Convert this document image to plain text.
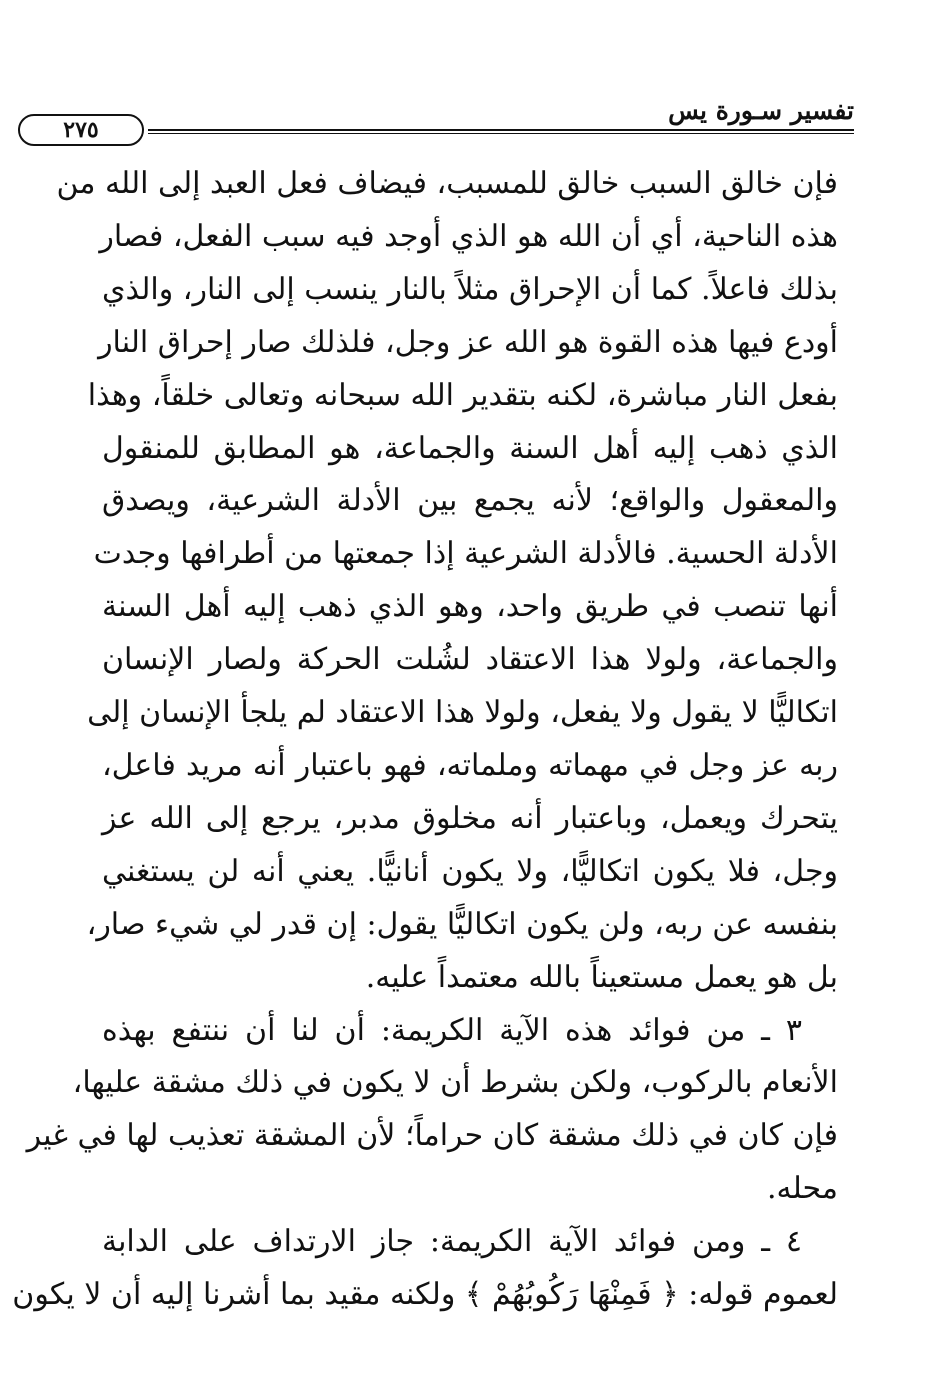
تفسير سـورة يس
٢٧٥
فإن خالق السبب خالق للمسبب، فيضاف فعل العبد إلى الله من
هذه الناحية، أي أن الله هو الذي أوجد فيه سبب الفعل، فصار
بذلك فاعلاً. كما أن الإحراق مثلاً بالنار ينسب إلى النار، والذي
أودع فيها هذه القوة هو الله عز وجل، فلذلك صار إحراق النار
بفعل النار مباشرة، لكنه بتقدير الله سبحانه وتعالى خلقاً، وهذا
الذي ذهب إليه أهل السنة والجماعة، هو المطابق للمنقول
والمعقول والواقع؛ لأنه يجمع بين الأدلة الشرعية، ويصدق
الأدلة الحسية. فالأدلة الشرعية إذا جمعتها من أطرافها وجدت
أنها تنصب في طريق واحد، وهو الذي ذهب إليه أهل السنة
والجماعة، ولولا هذا الاعتقاد لشُلت الحركة ولصار الإنسان
اتكاليًّا لا يقول ولا يفعل، ولولا هذا الاعتقاد لم يلجأ الإنسان إلى
ربه عز وجل في مهماته وملماته، فهو باعتبار أنه مريد فاعل،
يتحرك ويعمل، وباعتبار أنه مخلوق مدبر، يرجع إلى الله عز
وجل، فلا يكون اتكاليًّا، ولا يكون أنانيًّا. يعني أنه لن يستغني
بنفسه عن ربه، ولن يكون اتكاليًّا يقول: إن قدر لي شيء صار،
بل هو يعمل مستعيناً بالله معتمداً عليه.
٣ ـ من فوائد هذه الآية الكريمة: أن لنا أن ننتفع بهذه
الأنعام بالركوب، ولكن بشرط أن لا يكون في ذلك مشقة عليها،
فإن كان في ذلك مشقة كان حراماً؛ لأن المشقة تعذيب لها في غير
محله.
٤ ـ ومن فوائد الآية الكريمة: جاز الارتداف على الدابة
لعموم قوله: ﴿ فَمِنْهَا رَكُوبُهُمْ ﴾ ولكنه مقيد بما أشرنا إليه أن لا يكون
